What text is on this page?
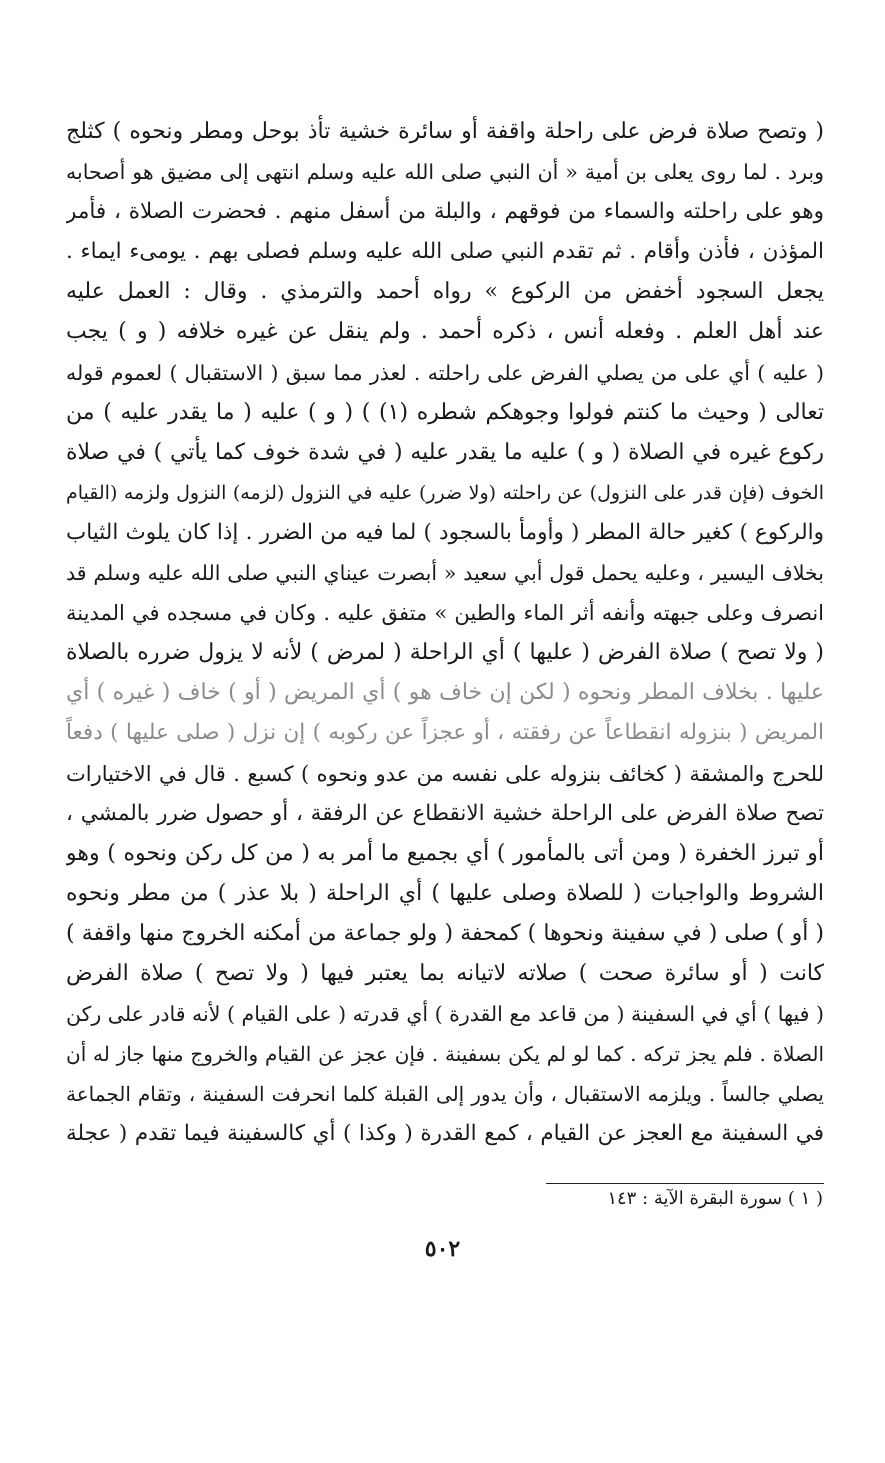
( وتصح صلاة فرض على راحلة واقفة أو سائرة خشية تأذ بوحل ومطر ونحوه ) كثلج
وبرد . لما روى يعلى بن أمية « أن النبي صلى الله عليه وسلم انتهى إلى مضيق هو أصحابه
وهو على راحلته والسماء من فوقهم ، والبلة من أسفل منهم . فحضرت الصلاة ، فأمر
المؤذن ، فأذن وأقام . ثم تقدم النبي صلى الله عليه وسلم فصلى بهم . يومىء ايماء .
يجعل السجود أخفض من الركوع » رواه أحمد والترمذي . وقال : العمل عليه
عند أهل العلم . وفعله أنس ، ذكره أحمد . ولم ينقل عن غيره خلافه ( و ) يجب
( عليه ) أي على من يصلي الفرض على راحلته . لعذر مما سبق ( الاستقبال ) لعموم قوله
تعالى ( وحيث ما كنتم فولوا وجوهكم شطره (١) ) ( و ) عليه ( ما يقدر عليه ) من
ركوع غيره في الصلاة ( و ) عليه ما يقدر عليه ( في شدة خوف كما يأتي ) في صلاة
الخوف (فإن قدر على النزول) عن راحلته (ولا ضرر) عليه في النزول (لزمه) النزول ولزمه (القيام
والركوع ) كغير حالة المطر ( وأومأ بالسجود ) لما فيه من الضرر . إذا كان يلوث الثياب
بخلاف اليسير ، وعليه يحمل قول أبي سعيد « أبصرت عيناي النبي صلى الله عليه وسلم قد
انصرف وعلى جبهته وأنفه أثر الماء والطين » متفق عليه . وكان في مسجده في المدينة
( ولا تصح ) صلاة الفرض ( عليها ) أي الراحلة ( لمرض ) لأنه لا يزول ضرره بالصلاة
عليها . بخلاف المطر ونحوه ( لكن إن خاف هو ) أي المريض ( أو ) خاف ( غيره ) أي
المريض ( بنزوله انقطاعاً عن رفقته ، أو عجزاً عن ركوبه ) إن نزل ( صلى عليها ) دفعاً
للحرج والمشقة ( كخائف بنزوله على نفسه من عدو ونحوه ) كسبع . قال في الاختيارات
تصح صلاة الفرض على الراحلة خشية الانقطاع عن الرفقة ، أو حصول ضرر بالمشي ،
أو تبرز الخفرة ( ومن أتى بالمأمور ) أي بجميع ما أمر به ( من كل ركن ونحوه ) وهو
الشروط والواجبات ( للصلاة وصلى عليها ) أي الراحلة ( بلا عذر ) من مطر ونحوه
( أو ) صلى ( في سفينة ونحوها ) كمحفة ( ولو جماعة من أمكنه الخروج منها واقفة )
كانت ( أو سائرة صحت ) صلاته لاتيانه بما يعتبر فيها ( ولا تصح ) صلاة الفرض
( فيها ) أي في السفينة ( من قاعد مع القدرة ) أي قدرته ( على القيام ) لأنه قادر على ركن
الصلاة . فلم يجز تركه . كما لو لم يكن بسفينة . فإن عجز عن القيام والخروج منها جاز له أن
يصلي جالساً . ويلزمه الاستقبال ، وأن يدور إلى القبلة كلما انحرفت السفينة ، وتقام الجماعة
في السفينة مع العجز عن القيام ، كمع القدرة ( وكذا ) أي كالسفينة فيما تقدم ( عجلة
( ١ ) سورة البقرة الآية : ١٤٣
٥٠٢
